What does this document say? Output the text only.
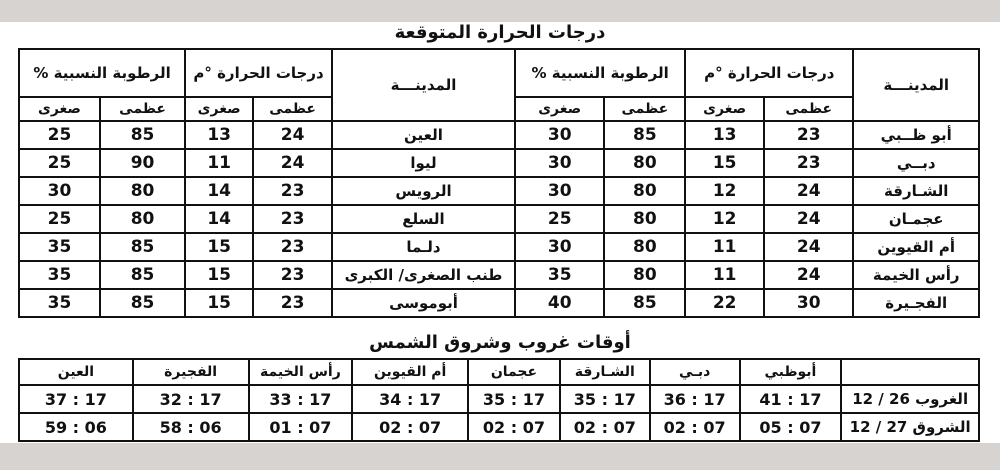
درجات الحرارة المتوقعة
المدينـــة	درجات الحرارة °م		الرطوبة النسبية %		المدينـــة	درجات الحرارة °م		الرطوبة النسبية %	
	عظمى	صغرى	عظمى	صغرى		عظمى	صغرى	عظمى	صغرى
أبو ظــبي	23	13	85	30	العين	24	13	85	25
دبــي	23	15	80	30	ليوا	24	11	90	25
الشـارقة	24	12	80	30	الرويس	23	14	80	30
عجمـان	24	12	80	25	السلع	23	14	80	25
أم القيوين	24	11	80	30	دلـما	23	15	85	35
رأس الخيمة	24	11	80	35	طنب الصغرى/ الكبرى	23	15	85	35
الفجـيرة	30	22	85	40	أبوموسى	23	15	85	35
أوقات غروب وشروق الشمس
	أبوظبي	دبـي	الشـارقة	عجمان	أم القيوين	رأس الخيمة	الفجيرة	العين
الغروب 26 / 12	17 : 41	17 : 36	17 : 35	17 : 35	17 : 34	17 : 33	17 : 32	17 : 37
الشروق 27 / 12	07 : 05	07 : 02	07 : 02	07 : 02	07 : 02	07 : 01	06 : 58	06 : 59
